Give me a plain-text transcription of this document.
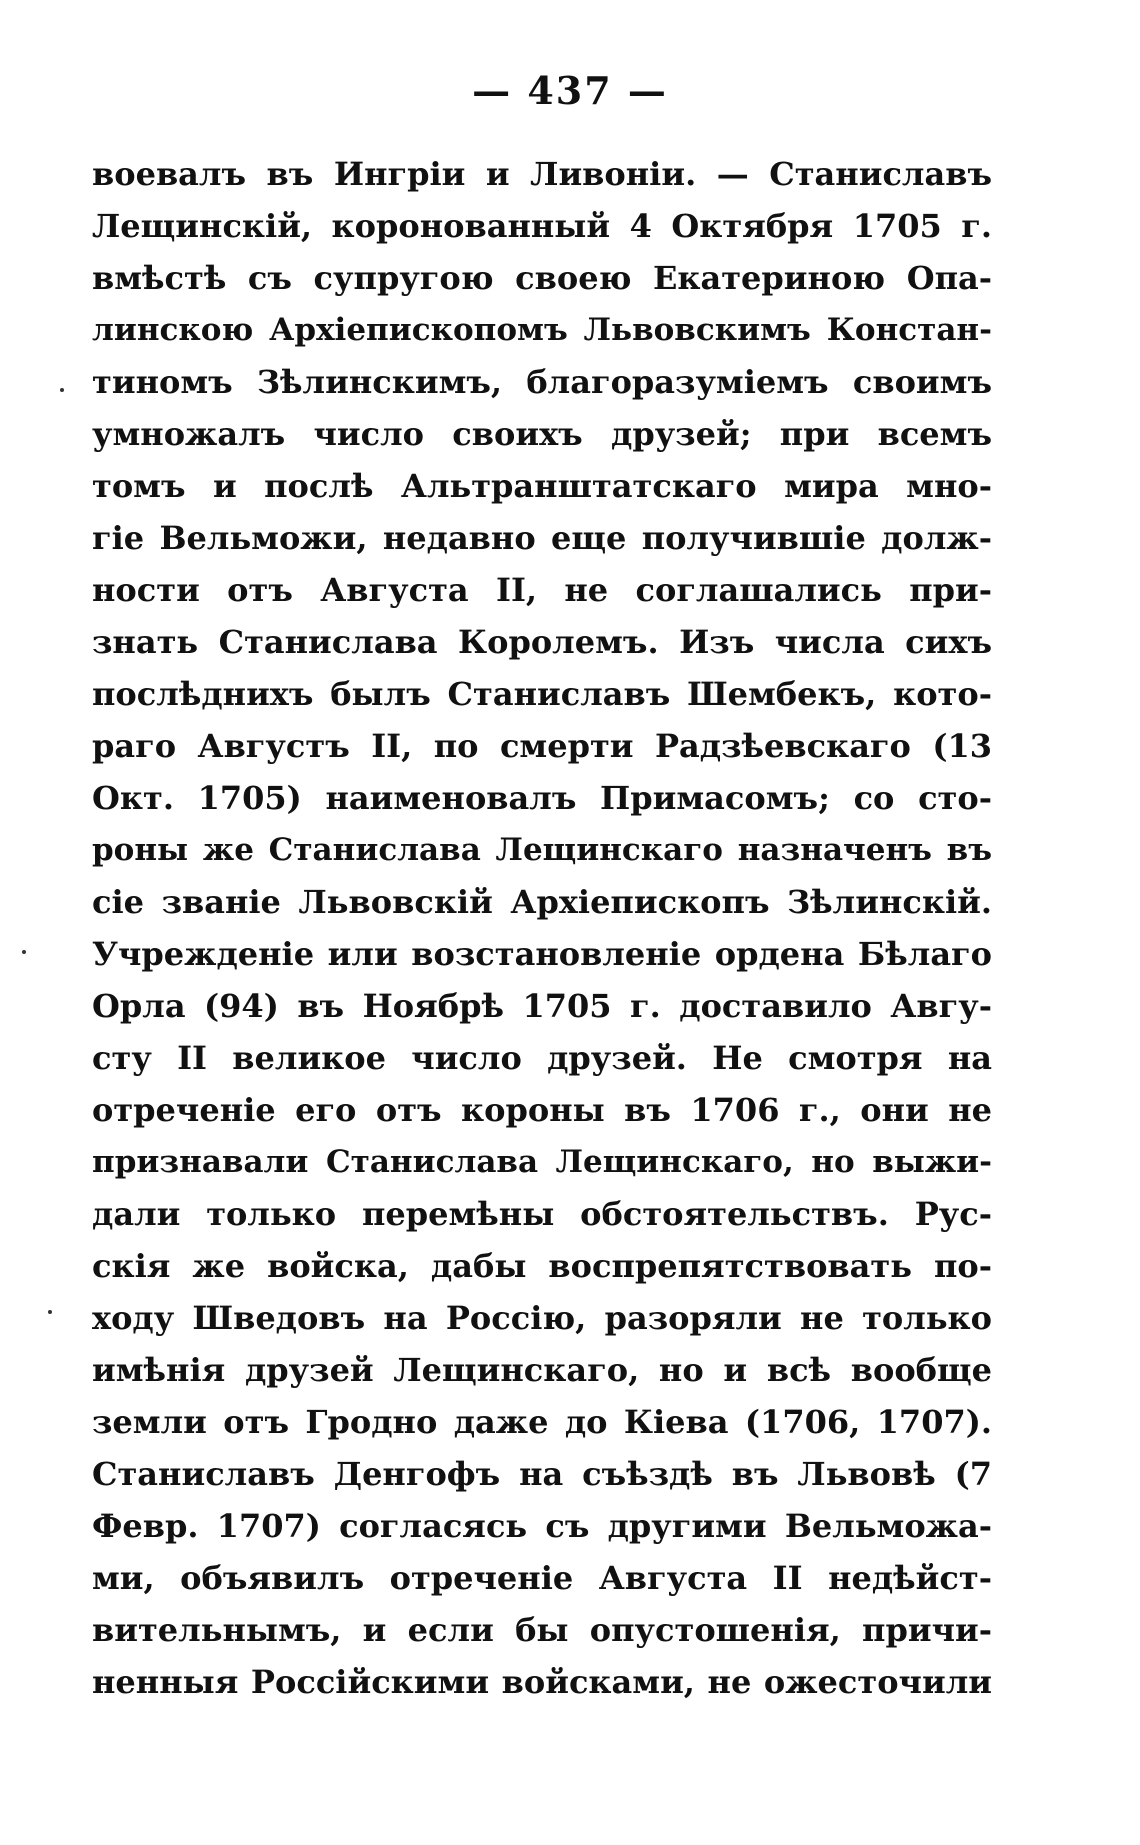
— 437 —
воевалъ въ Ингріи и Ливоніи. — Станиславъ
Лещинскій, коронованный 4 Октября 1705 г.
вмѣстѣ съ супругою своею Екатериною Опа-
линскою Архіепископомъ Львовскимъ Констан-
тиномъ Зѣлинскимъ, благоразуміемъ своимъ
умножалъ число своихъ друзей; при всемъ
томъ и послѣ Альтранштатскаго мира мно-
гіе Вельможи, недавно еще получившіе долж-
ности отъ Августа II, не соглашались при-
знать Станислава Королемъ. Изъ числа сихъ
послѣднихъ былъ Станиславъ Шембекъ, кото-
раго Августъ II, по смерти Радзѣевскаго (13
Окт. 1705) наименовалъ Примасомъ; со сто-
роны же Станислава Лещинскаго назначенъ въ
сіе званіе Львовскій Архіепископъ Зѣлинскій.
Учрежденіе или возстановленіе ордена Бѣлаго
Орла (94) въ Ноябрѣ 1705 г. доставило Авгу-
сту II великое число друзей. Не смотря на
отреченіе его отъ короны въ 1706 г., они не
признавали Станислава Лещинскаго, но выжи-
дали только перемѣны обстоятельствъ. Рус-
скія же войска, дабы воспрепятствовать по-
ходу Шведовъ на Россію, разоряли не только
имѣнія друзей Лещинскаго, но и всѣ вообще
земли отъ Гродно даже до Кіева (1706, 1707).
Станиславъ Денгофъ на съѣздѣ въ Львовѣ (7
Февр. 1707) согласясь съ другими Вельможа-
ми, объявилъ отреченіе Августа II недѣйст-
вительнымъ, и если бы опустошенія, причи-
ненныя Россійскими войсками, не ожесточили
